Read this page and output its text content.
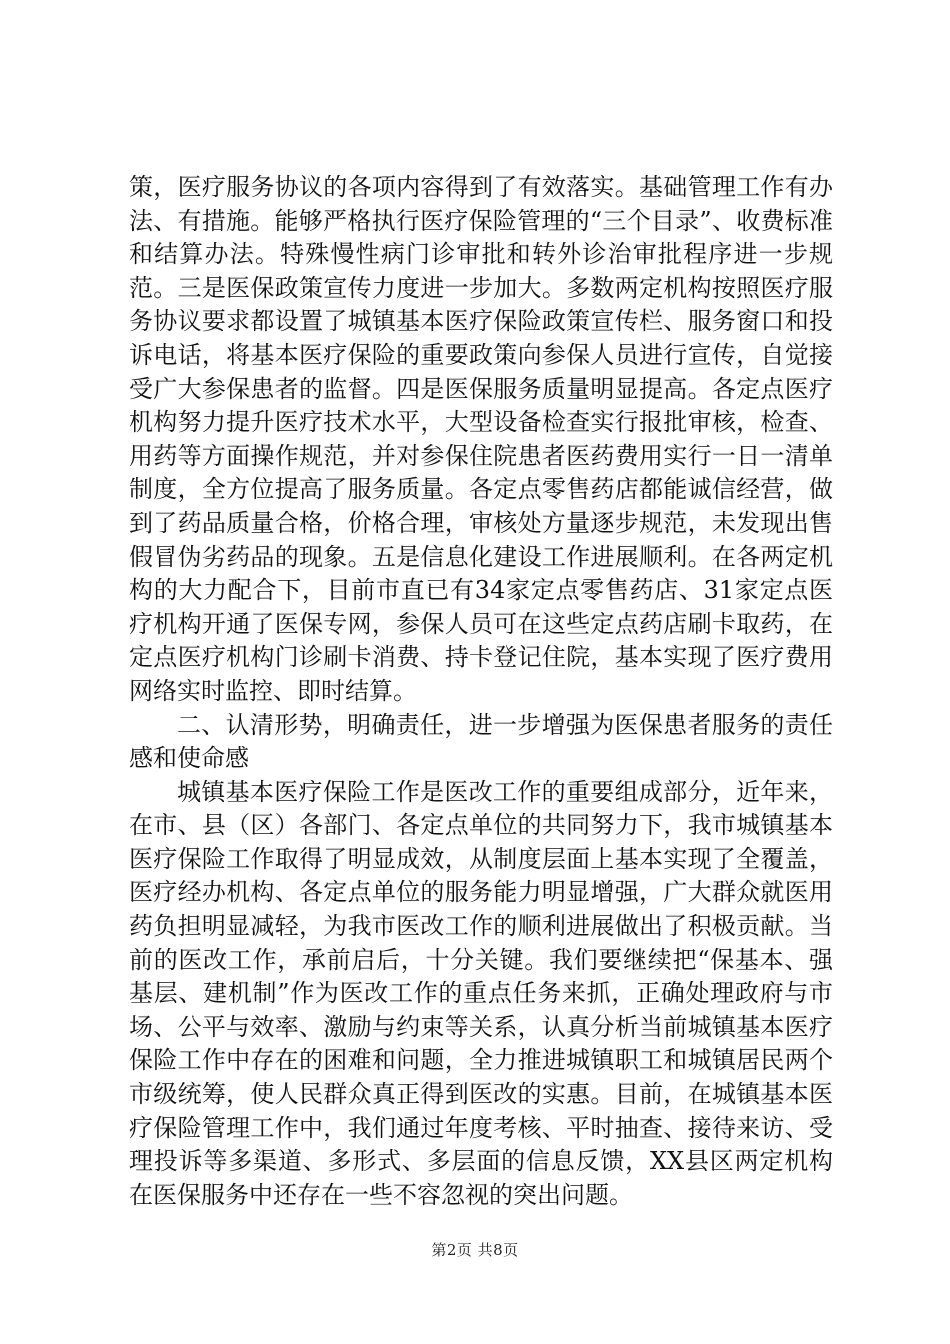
策，医疗服务协议的各项内容得到了有效落实。基础管理工作有办法、有措施。能够严格执行医疗保险管理的“三个目录”、收费标准和结算办法。特殊慢性病门诊审批和转外诊治审批程序进一步规范。三是医保政策宣传力度进一步加大。多数两定机构按照医疗服务协议要求都设置了城镇基本医疗保险政策宣传栏、服务窗口和投诉电话，将基本医疗保险的重要政策向参保人员进行宣传，自觉接受广大参保患者的监督。四是医保服务质量明显提高。各定点医疗机构努力提升医疗技术水平，大型设备检查实行报批审核，检查、用药等方面操作规范，并对参保住院患者医药费用实行一日一清单制度，全方位提高了服务质量。各定点零售药店都能诚信经营，做到了药品质量合格，价格合理，审核处方量逐步规范，未发现出售假冒伪劣药品的现象。五是信息化建设工作进展顺利。在各两定机构的大力配合下，目前市直已有34家定点零售药店、31家定点医疗机构开通了医保专网，参保人员可在这些定点药店刷卡取药，在定点医疗机构门诊刷卡消费、持卡登记住院，基本实现了医疗费用网络实时监控、即时结算。

二、认清形势，明确责任，进一步增强为医保患者服务的责任感和使命感

城镇基本医疗保险工作是医改工作的重要组成部分，近年来，在市、县（区）各部门、各定点单位的共同努力下，我市城镇基本医疗保险工作取得了明显成效，从制度层面上基本实现了全覆盖，医疗经办机构、各定点单位的服务能力明显增强，广大群众就医用药负担明显减轻，为我市医改工作的顺利进展做出了积极贡献。当前的医改工作，承前启后，十分关键。我们要继续把“保基本、强基层、建机制”作为医改工作的重点任务来抓，正确处理政府与市场、公平与效率、激励与约束等关系，认真分析当前城镇基本医疗保险工作中存在的困难和问题，全力推进城镇职工和城镇居民两个市级统筹，使人民群众真正得到医改的实惠。目前，在城镇基本医疗保险管理工作中，我们通过年度考核、平时抽查、接待来访、受理投诉等多渠道、多形式、多层面的信息反馈，XX县区两定机构在医保服务中还存在一些不容忽视的突出问题。

第2页 共8页
